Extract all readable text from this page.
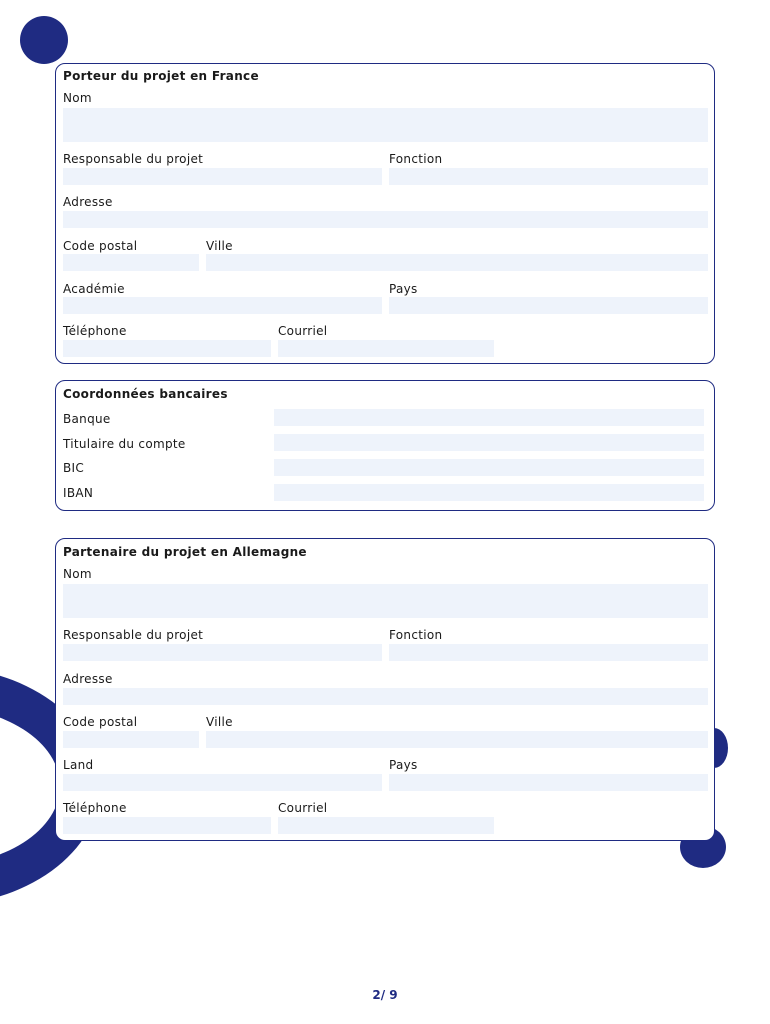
Porteur du projet en France
Nom
Responsable du projet	Fonction
Adresse
Code postal	Ville
Académie	Pays
Téléphone	Courriel
Coordonnées bancaires
Banque
Titulaire du compte
BIC
IBAN
Partenaire du projet en Allemagne
Nom
Responsable du projet	Fonction
Adresse
Code postal	Ville
Land	Pays
Téléphone	Courriel
2/ 9
